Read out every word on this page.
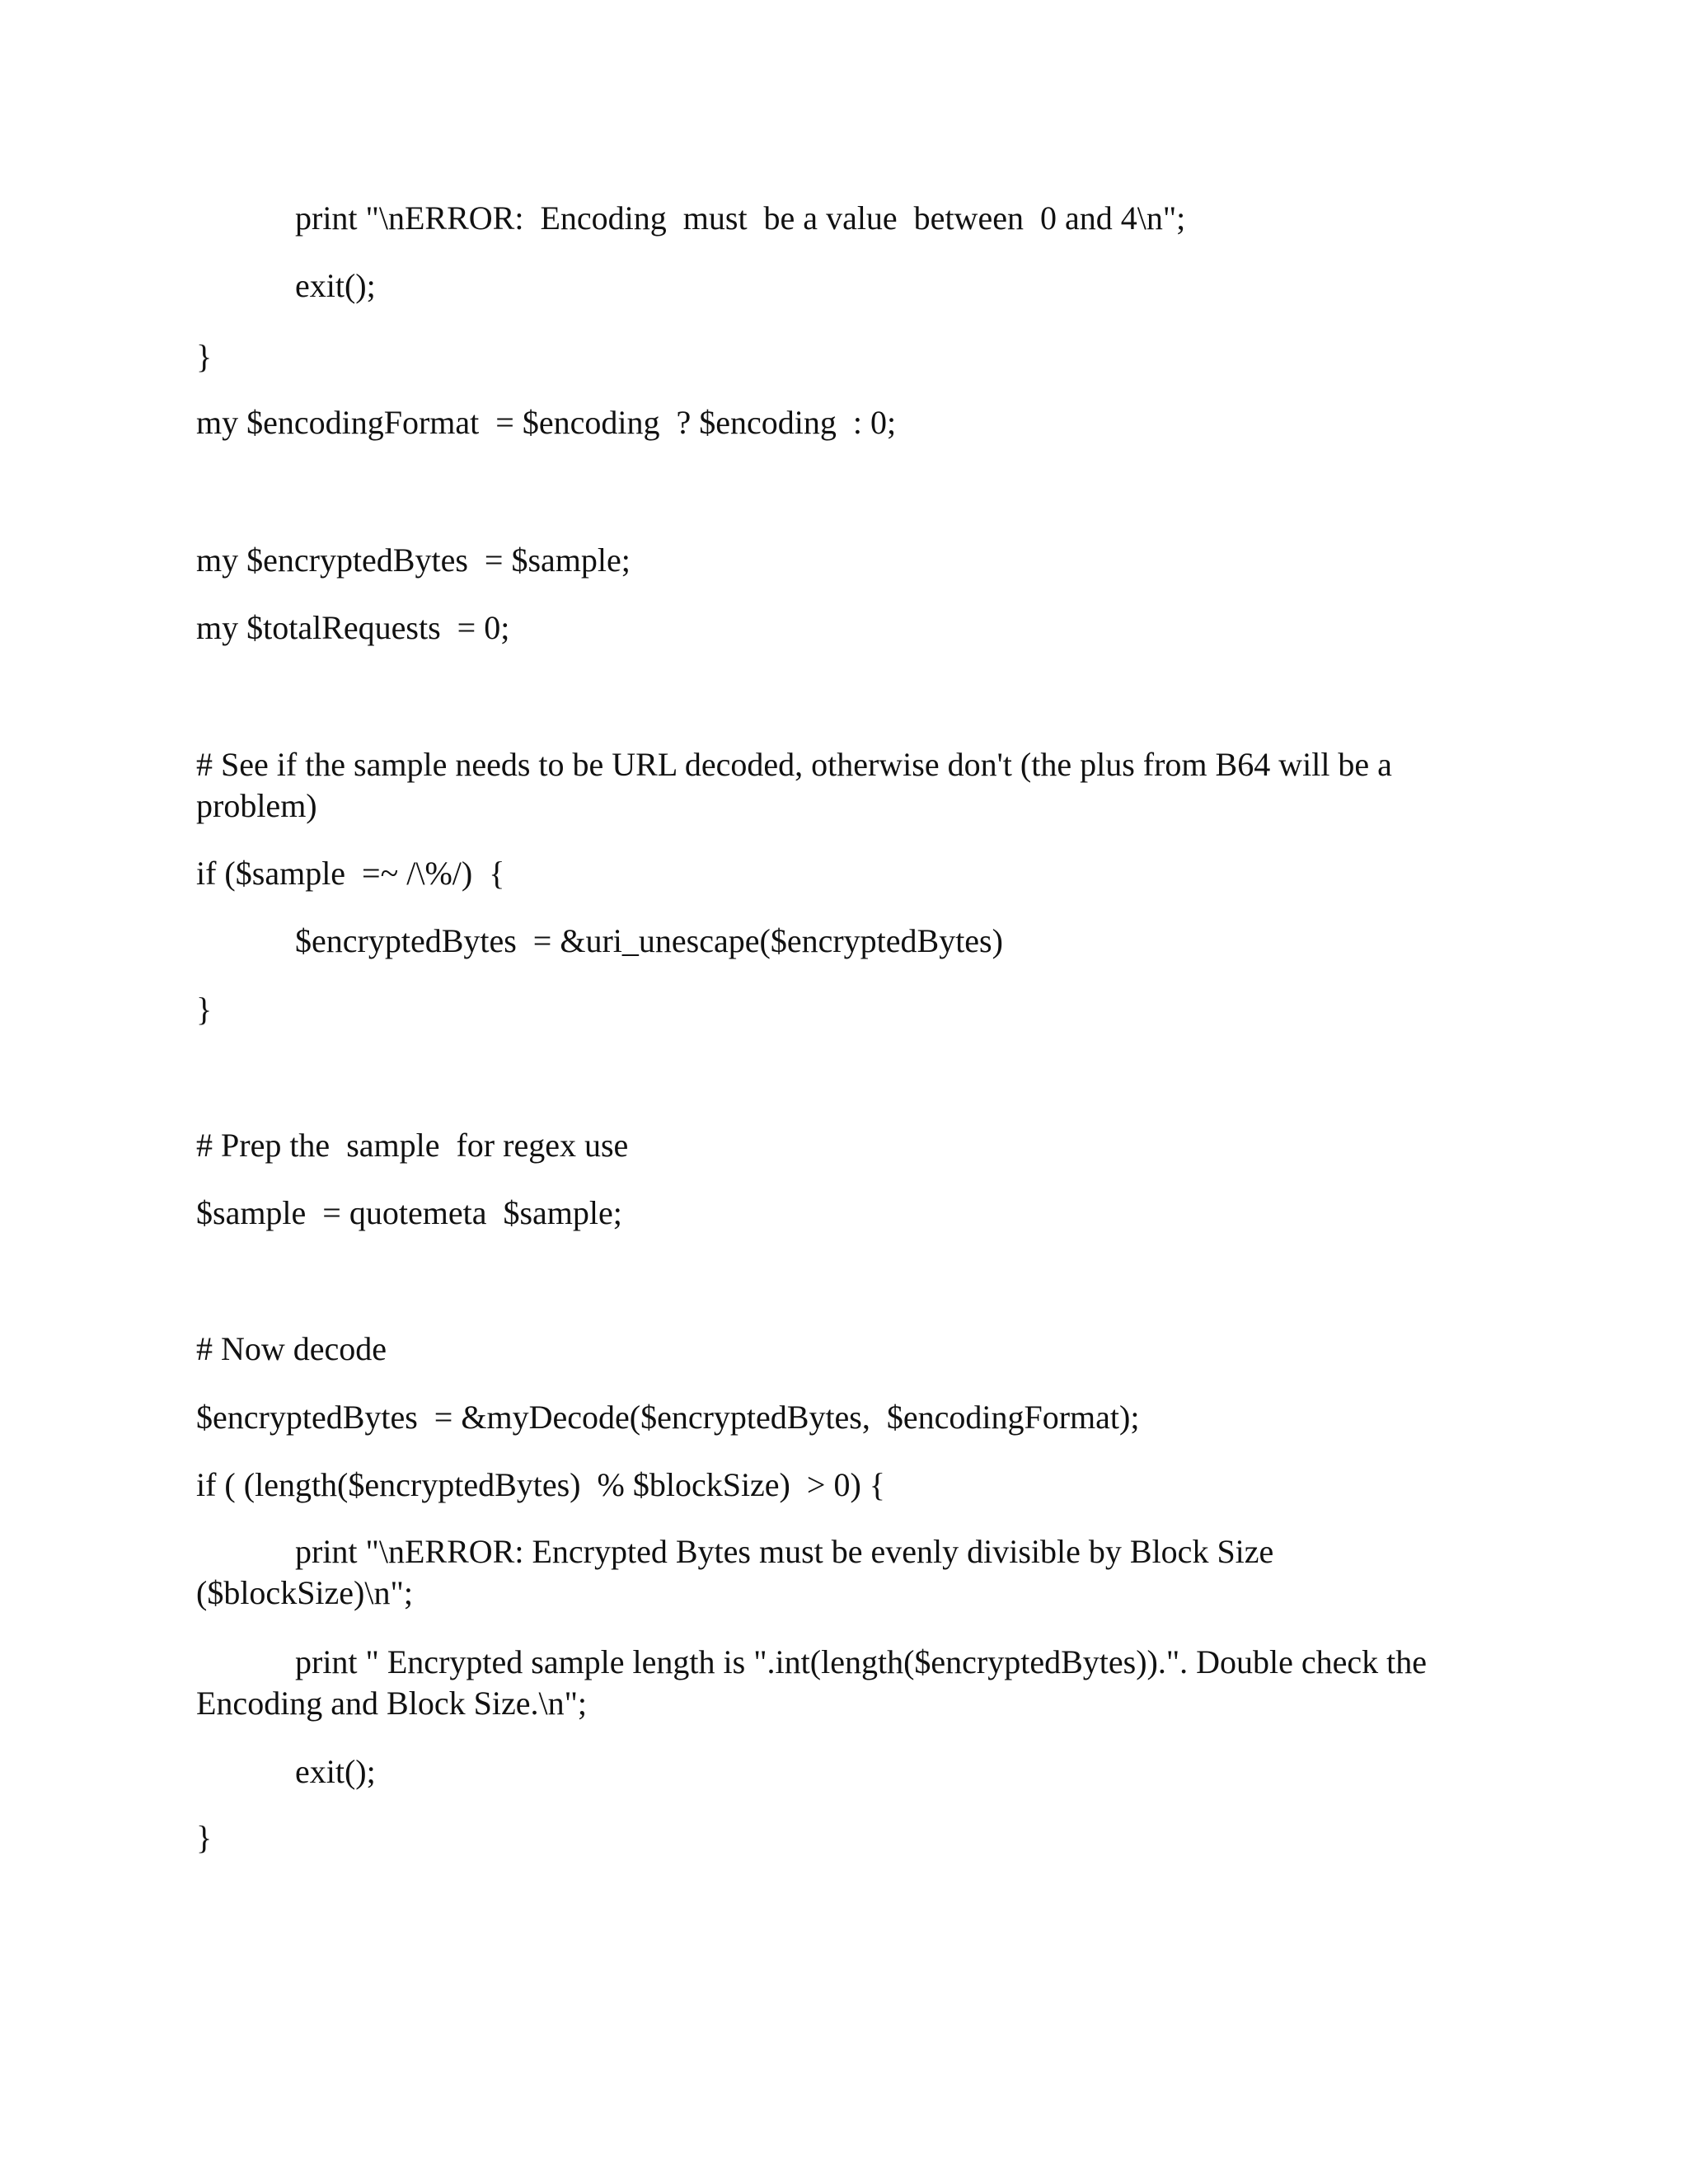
print "\nERROR:  Encoding  must  be a value  between  0 and 4\n";
exit();
}
my $encodingFormat  = $encoding  ? $encoding  : 0;
my $encryptedBytes  = $sample;
my $totalRequests  = 0;
# See if the sample needs to be URL decoded, otherwise don't (the plus from B64 will be a problem)
if ($sample  =~ /\%/)  {
$encryptedBytes  = &uri_unescape($encryptedBytes)
}
# Prep the  sample  for regex use
$sample  = quotemeta  $sample;
# Now decode
$encryptedBytes  = &myDecode($encryptedBytes,  $encodingFormat);
if ( (length($encryptedBytes)  % $blockSize)  > 0) {
print "\nERROR: Encrypted Bytes must be evenly divisible by Block Size ($blockSize)\n";
print " Encrypted sample length is ".int(length($encryptedBytes)).". Double check the Encoding and Block Size.\n";
exit();
}
